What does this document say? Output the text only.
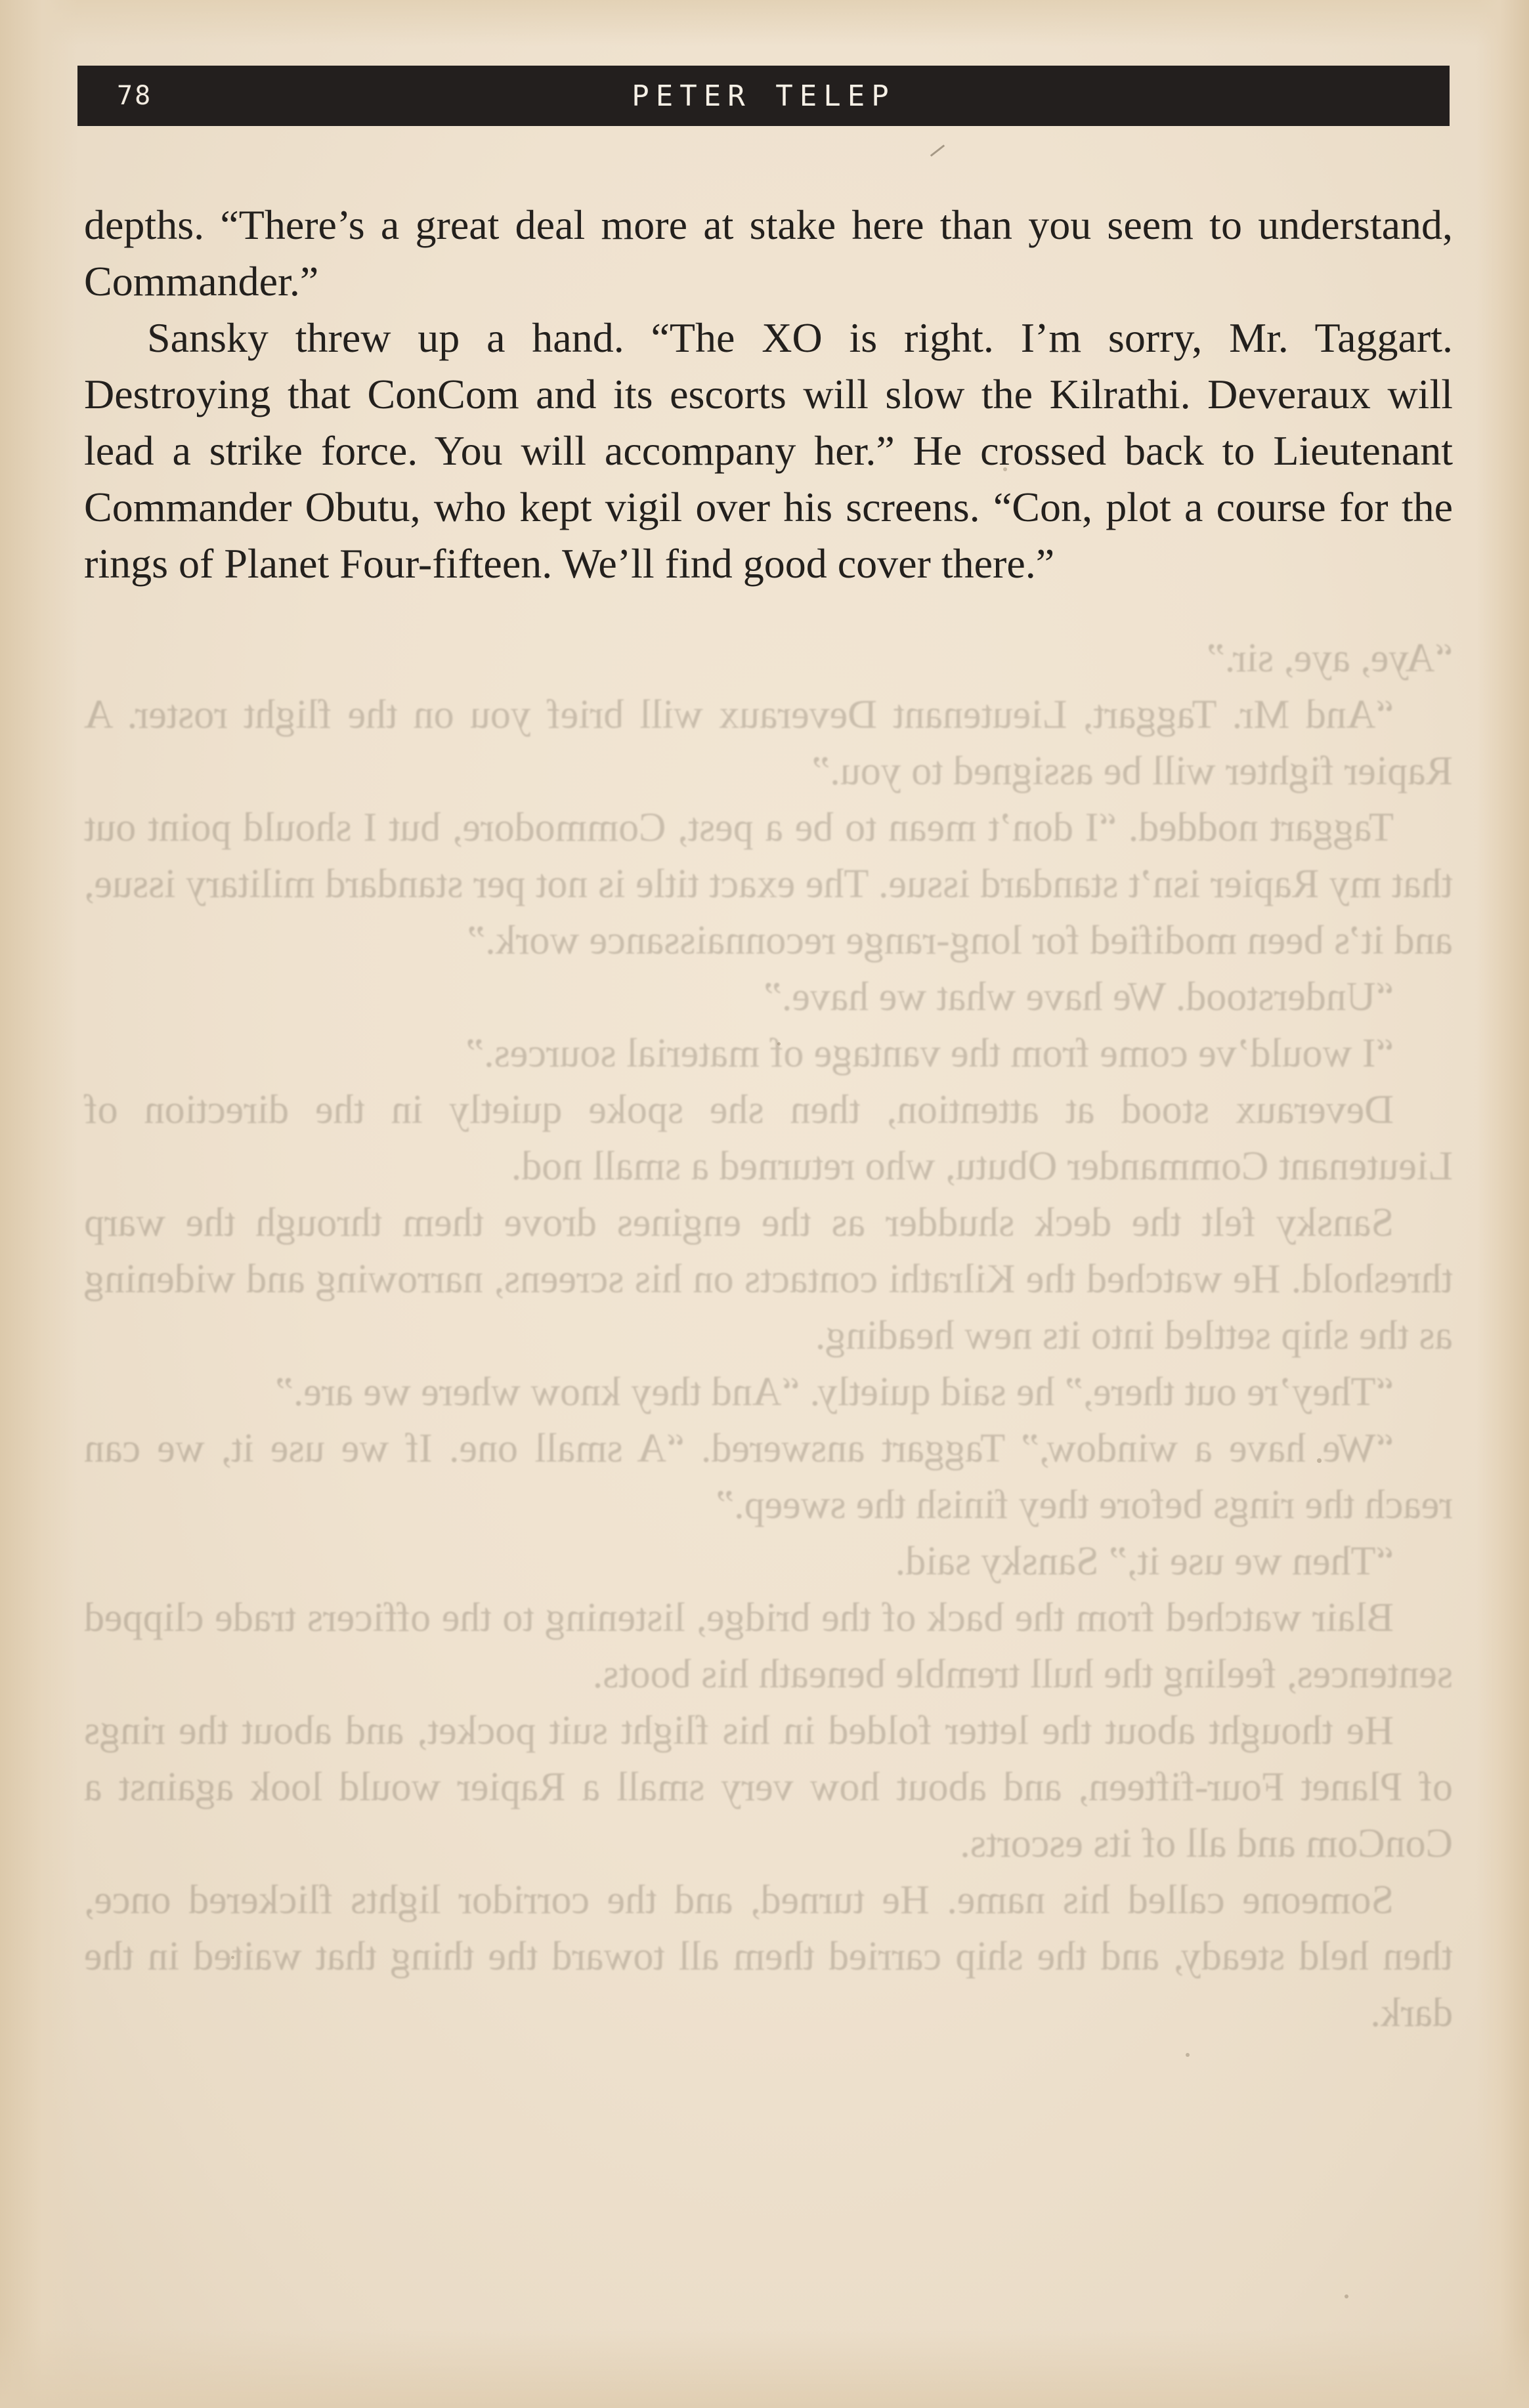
78	PETER TELEP

depths. “There’s a great deal more at stake here than you seem to understand, Commander.”

Sansky threw up a hand. “The XO is right. I’m sorry, Mr. Taggart. Destroying that ConCom and its escorts will slow the Kilrathi. Deveraux will lead a strike force. You will accompany her.” He crossed back to Lieutenant Commander Obutu, who kept vigil over his screens. “Con, plot a course for the rings of Planet Four-fifteen. We’ll find good cover there.”

“Aye, aye, sir.”

“And Mr. Taggart, Lieutenant Deveraux will brief you on the flight roster. A Rapier fighter will be assigned to you.”

Taggart nodded. “I don’t mean to be a pest, Commodore, but I should point out that my Rapier isn’t standard issue. The exact title is not per standard military issue, and it’s been modified for long-range reconnaissance work.”

“Understood. We have what we have.”

“I would’ve come from the vantage of material sources.”

Deveraux stood at attention, then she spoke quietly in the direction of Lieutenant Commander Obutu, who returned a small nod.

Sansky felt the deck shudder as the engines drove them through the warp threshold. He watched the Kilrathi contacts on his screens, narrowing and widening as the ship settled into its new heading.

“They’re out there,” he said quietly. “And they know where we are.”

“We have a window,” Taggart answered. “A small one. If we use it, we can reach the rings before they finish the sweep.”

“Then we use it,” Sansky said.

Blair watched from the back of the bridge, listening to the officers trade clipped sentences, feeling the hull tremble beneath his boots.

He thought about the letter folded in his flight suit pocket, and about the rings of Planet Four-fifteen, and about how very small a Rapier would look against a ConCom and all of its escorts.

Someone called his name. He turned, and the corridor lights flickered once, then held steady, and the ship carried them all toward the thing that waited in the dark.
